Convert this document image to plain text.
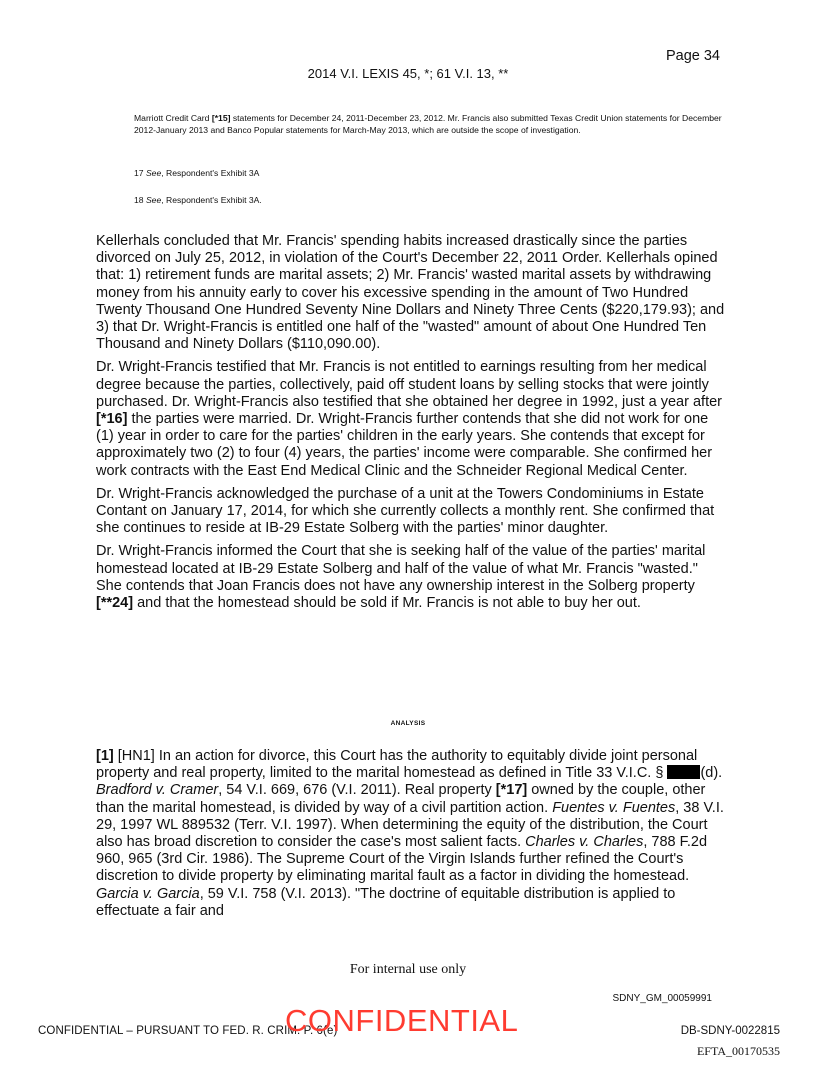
Page 34
2014 V.I. LEXIS 45, *; 61 V.I. 13, **
Marriott Credit Card [*15] statements for December 24, 2011-December 23, 2012. Mr. Francis also submitted Texas Credit Union statements for December 2012-January 2013 and Banco Popular statements for March-May 2013, which are outside the scope of investigation.
17 See, Respondent's Exhibit 3A
18 See, Respondent's Exhibit 3A.

Kellerhals concluded that Mr. Francis' spending habits increased drastically since the parties divorced on July 25, 2012, in violation of the Court's December 22, 2011 Order. Kellerhals opined that: 1) retirement funds are marital assets; 2) Mr. Francis' wasted marital assets by withdrawing money from his annuity early to cover his excessive spending in the amount of Two Hundred Twenty Thousand One Hundred Seventy Nine Dollars and Ninety Three Cents ($220,179.93); and 3) that Dr. Wright-Francis is entitled one half of the "wasted" amount of about One Hundred Ten Thousand and Ninety Dollars ($110,090.00).

Dr. Wright-Francis testified that Mr. Francis is not entitled to earnings resulting from her medical degree because the parties, collectively, paid off student loans by selling stocks that were jointly purchased. Dr. Wright-Francis also testified that she obtained her degree in 1992, just a year after [*16] the parties were married. Dr. Wright-Francis further contends that she did not work for one (1) year in order to care for the parties' children in the early years. She contends that except for approximately two (2) to four (4) years, the parties' income were comparable. She confirmed her work contracts with the East End Medical Clinic and the Schneider Regional Medical Center.

Dr. Wright-Francis acknowledged the purchase of a unit at the Towers Condominiums in Estate Contant on January 17, 2014, for which she currently collects a monthly rent. She confirmed that she continues to reside at IB-29 Estate Solberg with the parties' minor daughter.

Dr. Wright-Francis informed the Court that she is seeking half of the value of the parties' marital homestead located at IB-29 Estate Solberg and half of the value of what Mr. Francis "wasted." She contends that Joan Francis does not have any ownership interest in the Solberg property [**24] and that the homestead should be sold if Mr. Francis is not able to buy her out.

ANALYSIS

[1] [HN1] In an action for divorce, this Court has the authority to equitably divide joint personal property and real property, limited to the marital homestead as defined in Title 33 V.I.C. § (d). Bradford v. Cramer, 54 V.I. 669, 676 (V.I. 2011). Real property [*17] owned by the couple, other than the marital homestead, is divided by way of a civil partition action. Fuentes v. Fuentes, 38 V.I. 29, 1997 WL 889532 (Terr. V.I. 1997). When determining the equity of the distribution, the Court also has broad discretion to consider the case's most salient facts. Charles v. Charles, 788 F.2d 960, 965 (3rd Cir. 1986). The Supreme Court of the Virgin Islands further refined the Court's discretion to divide property by eliminating marital fault as a factor in dividing the homestead. Garcia v. Garcia, 59 V.I. 758 (V.I. 2013). "The doctrine of equitable distribution is applied to effectuate a fair and

For internal use only
SDNY_GM_00059991
CONFIDENTIAL – PURSUANT TO FED. R. CRIM. P. 6(e)
CONFIDENTIAL	DB-SDNY-0022815
EFTA_00170535
